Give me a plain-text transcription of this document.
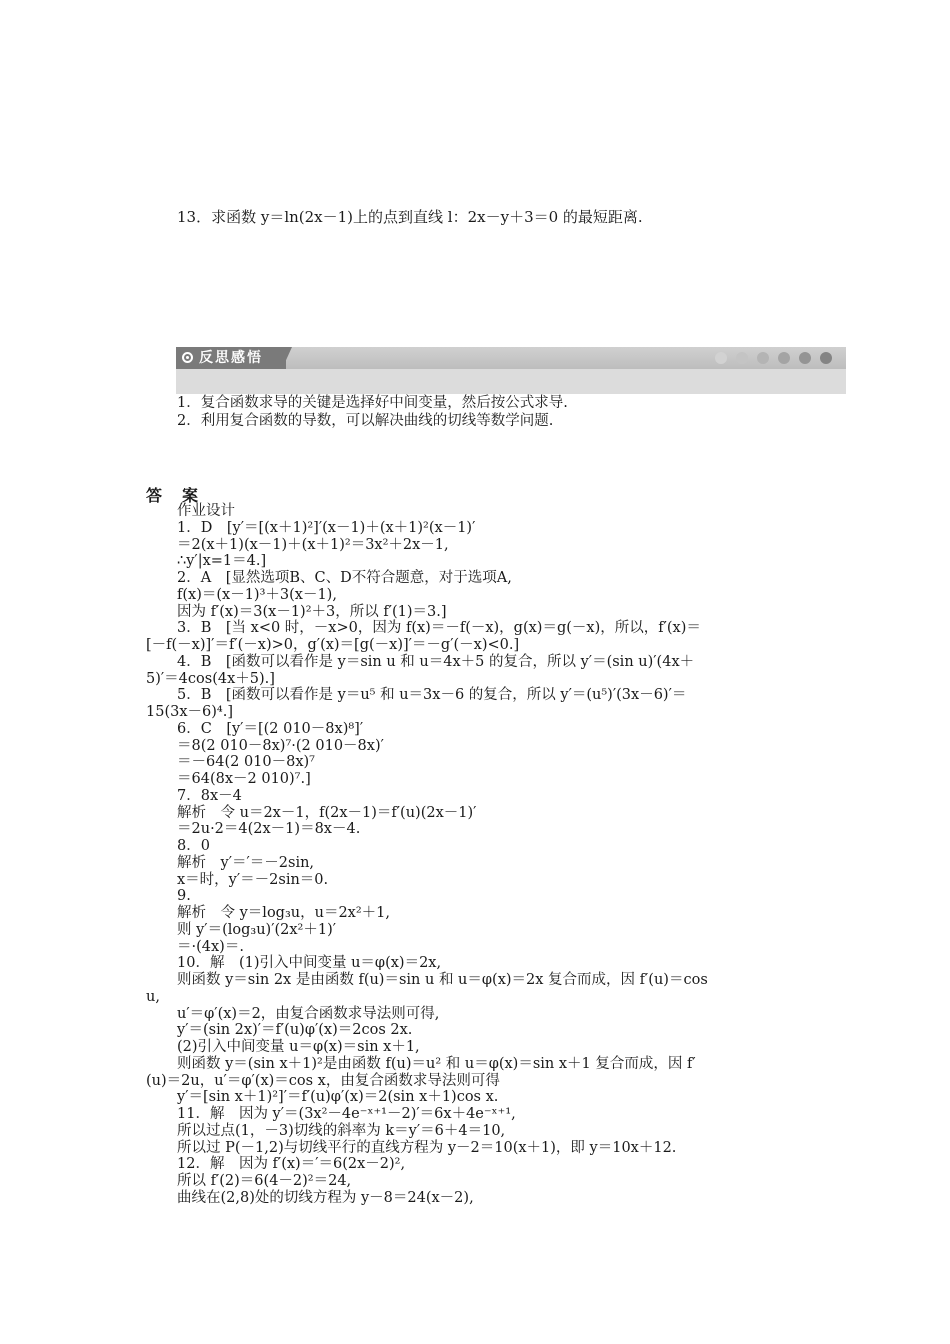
13．求函数 y＝ln(2x－1)上的点到直线 l：2x－y＋3＝0 的最短距离.
反思感悟
1．复合函数求导的关键是选择好中间变量，然后按公式求导.
2．利用复合函数的导数，可以解决曲线的切线等数学问题.
答　案
作业设计
1．D　[y′＝[(x＋1)²]′(x－1)＋(x＋1)²(x－1)′
＝2(x＋1)(x－1)＋(x＋1)²＝3x²＋2x－1,
∴y′|x=1＝4.]
2．A　[显然选项B、C、D不符合题意，对于选项A,
f(x)＝(x－1)³＋3(x－1),
因为 f′(x)＝3(x－1)²＋3，所以 f′(1)＝3.]
3．B　[当 x<0 时，－x>0，因为 f(x)＝－f(－x)，g(x)＝g(－x)，所以，f′(x)＝
[－f(－x)]′＝f′(－x)>0，g′(x)＝[g(－x)]′＝－g′(－x)<0.]
4．B　[函数可以看作是 y＝sin u 和 u＝4x＋5 的复合，所以 y′＝(sin u)′(4x＋
5)′＝4cos(4x＋5).]
5．B　[函数可以看作是 y＝u⁵ 和 u＝3x－6 的复合，所以 y′＝(u⁵)′(3x－6)′＝
15(3x－6)⁴.]
6．C　[y′＝[(2 010－8x)⁸]′
＝8(2 010－8x)⁷·(2 010－8x)′
＝－64(2 010－8x)⁷
＝64(8x－2 010)⁷.]
7．8x－4
解析　令 u＝2x－1，f(2x－1)＝f′(u)(2x－1)′
＝2u·2＝4(2x－1)＝8x－4.
8．0
解析　y′＝′＝－2sin,
x＝时，y′＝－2sin＝0.
9.
解析　令 y＝log₃u，u＝2x²＋1,
则 y′＝(log₃u)′(2x²＋1)′
＝·(4x)＝.
10．解　(1)引入中间变量 u＝φ(x)＝2x,
则函数 y＝sin 2x 是由函数 f(u)＝sin u 和 u＝φ(x)＝2x 复合而成，因 f′(u)＝cos
u,
u′＝φ′(x)＝2，由复合函数求导法则可得,
y′＝(sin 2x)′＝f′(u)φ′(x)＝2cos 2x.
(2)引入中间变量 u＝φ(x)＝sin x＋1,
则函数 y＝(sin x＋1)²是由函数 f(u)＝u² 和 u＝φ(x)＝sin x＋1 复合而成，因 f′
(u)＝2u，u′＝φ′(x)＝cos x，由复合函数求导法则可得
y′＝[sin x＋1)²]′＝f′(u)φ′(x)＝2(sin x＋1)cos x.
11．解　因为 y′＝(3x²－4e⁻ˣ⁺¹－2)′＝6x＋4e⁻ˣ⁺¹,
所以过点(1，－3)切线的斜率为 k＝y′＝6＋4＝10,
所以过 P(－1,2)与切线平行的直线方程为 y－2＝10(x＋1)，即 y＝10x＋12.
12．解　因为 f′(x)＝′＝6(2x－2)²,
所以 f′(2)＝6(4－2)²＝24,
曲线在(2,8)处的切线方程为 y－8＝24(x－2),
